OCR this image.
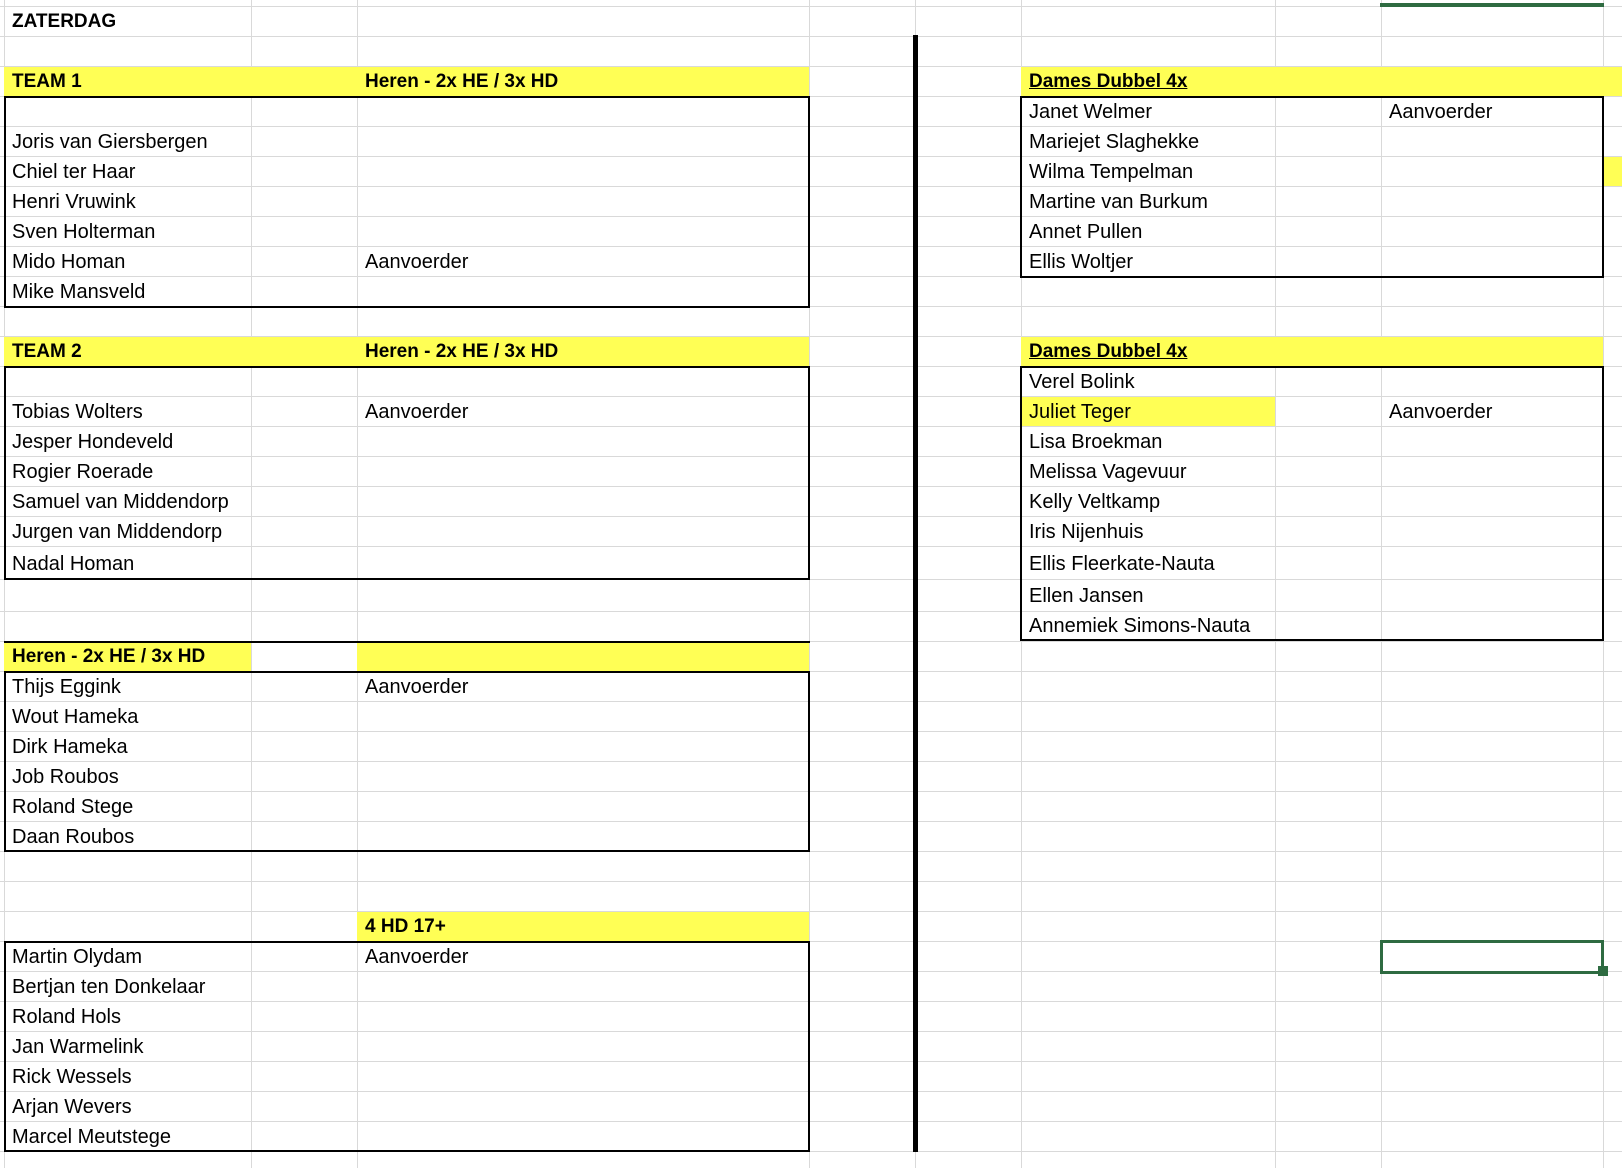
ZATERDAG
TEAM 1	Heren - 2x HE / 3x HD
Joris van Giersbergen
Chiel ter Haar
Henri Vruwink
Sven Holterman
Mido Homan	Aanvoerder
Mike Mansveld
TEAM 2	Heren - 2x HE / 3x HD
Tobias Wolters	Aanvoerder
Jesper Hondeveld
Rogier Roerade
Samuel van Middendorp
Jurgen van Middendorp
Nadal Homan
Heren - 2x HE / 3x HD
Thijs Eggink	Aanvoerder
Wout Hameka
Dirk Hameka
Job Roubos
Roland Stege
Daan Roubos
4 HD 17+
Martin Olydam	Aanvoerder
Bertjan ten Donkelaar
Roland Hols
Jan Warmelink
Rick Wessels
Arjan Wevers
Marcel Meutstege
Dames Dubbel 4x
Janet Welmer	Aanvoerder
Mariejet Slaghekke
Wilma Tempelman
Martine van Burkum
Annet Pullen
Ellis Woltjer
Dames Dubbel 4x
Verel Bolink
Juliet Teger	Aanvoerder
Lisa Broekman
Melissa Vagevuur
Kelly Veltkamp
Iris Nijenhuis
Ellis Fleerkate-Nauta
Ellen Jansen
Annemiek Simons-Nauta
